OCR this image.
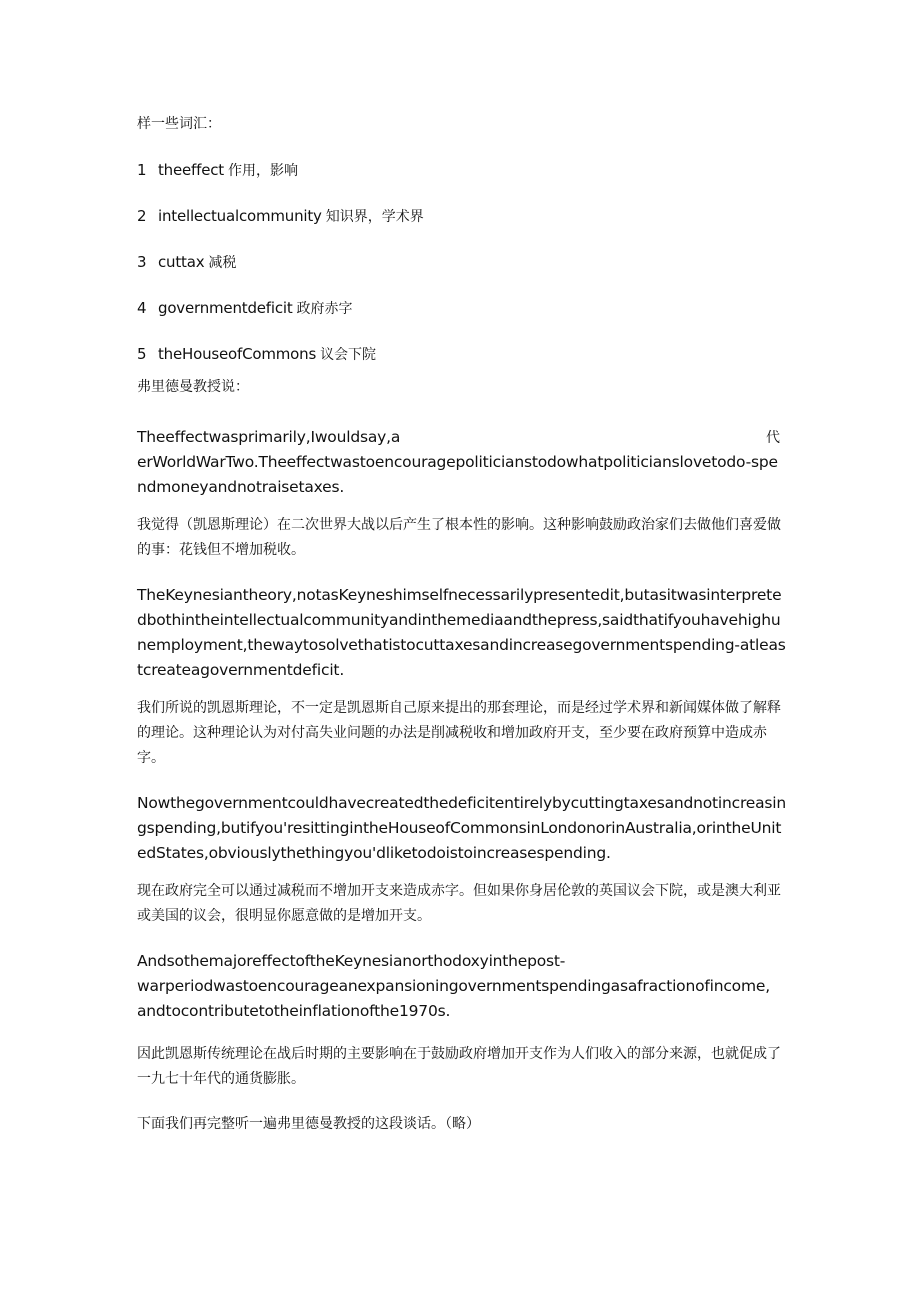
样一些词汇：

1 theeffect 作用，影响

2 intellectualcommunity 知识界，学术界

3 cuttax 减税

4 governmentdeficit 政府赤字

5 theHouseofCommons 议会下院

弗里德曼教授说：

Theeffectwasprimarily,Iwouldsay,a	代

erWorldWarTwo.Theeffectwastoencouragepoliticianstodowhatpoliticianslovetodo-spendmoneyandnotraisetaxes.

我觉得（凯恩斯理论）在二次世界大战以后产生了根本性的影响。这种影响鼓励政治家们去做他们喜爱做的事：花钱但不增加税收。

TheKeynesiantheory,notasKeyneshimselfnecessarilypresentedit,butasitwasinterpretedbothintheintellectualcommunityandinthemediaandthepress,saidthatifyouhavehighunemployment,thewaytosolvethatistocuttaxesandincreasegovernmentspending-atleastcreateagovernmentdeficit.

我们所说的凯恩斯理论，不一定是凯恩斯自己原来提出的那套理论，而是经过学术界和新闻媒体做了解释的理论。这种理论认为对付高失业问题的办法是削减税收和增加政府开支，至少要在政府预算中造成赤字。

Nowthegovernmentcouldhavecreatedthedeficitentirelybycuttingtaxesandnotincreasingspending,butifyou'resittingintheHouseofCommonsinLondonorinAustralia,orintheUnitedStates,obviouslythethingyou'dliketodoistoincreasespending.

现在政府完全可以通过减税而不增加开支来造成赤字。但如果你身居伦敦的英国议会下院，或是澳大利亚或美国的议会，很明显你愿意做的是增加开支。

AndsothemajoreffectoftheKeynesianorthodoxyinthepost-

warperiodwastoencourageanexpansioningovernmentspendingasafractionofincome,

andtocontributetotheinflationofthe1970s.

因此凯恩斯传统理论在战后时期的主要影响在于鼓励政府增加开支作为人们收入的部分来源，也就促成了一九七十年代的通货膨胀。

下面我们再完整听一遍弗里德曼教授的这段谈话。（略）
